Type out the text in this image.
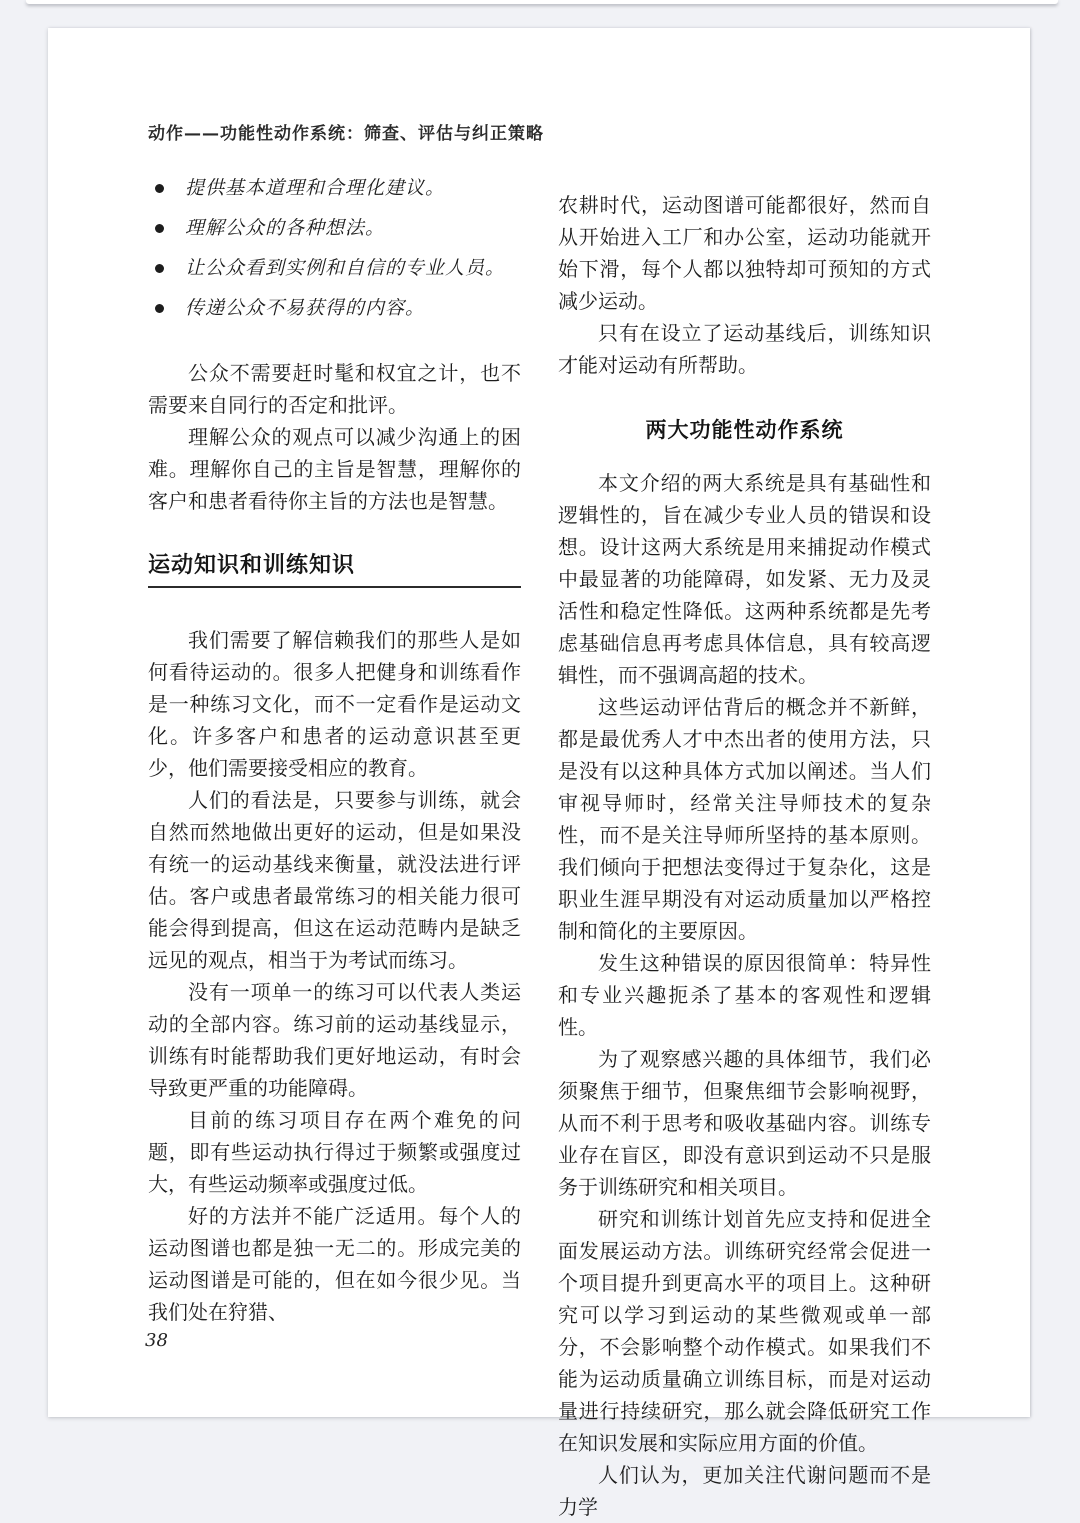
动作——功能性动作系统：筛查、评估与纠正策略
提供基本道理和合理化建议。
理解公众的各种想法。
让公众看到实例和自信的专业人员。
传递公众不易获得的内容。

公众不需要赶时髦和权宜之计，也不需要来自同行的否定和批评。

理解公众的观点可以减少沟通上的困难。理解你自己的主旨是智慧，理解你的客户和患者看待你主旨的方法也是智慧。

运动知识和训练知识

我们需要了解信赖我们的那些人是如何看待运动的。很多人把健身和训练看作是一种练习文化，而不一定看作是运动文化。许多客户和患者的运动意识甚至更少，他们需要接受相应的教育。

人们的看法是，只要参与训练，就会自然而然地做出更好的运动，但是如果没有统一的运动基线来衡量，就没法进行评估。客户或患者最常练习的相关能力很可能会得到提高，但这在运动范畴内是缺乏远见的观点，相当于为考试而练习。

没有一项单一的练习可以代表人类运动的全部内容。练习前的运动基线显示，训练有时能帮助我们更好地运动，有时会导致更严重的功能障碍。

目前的练习项目存在两个难免的问题，即有些运动执行得过于频繁或强度过大，有些运动频率或强度过低。

好的方法并不能广泛适用。每个人的运动图谱也都是独一无二的。形成完美的运动图谱是可能的，但在如今很少见。当我们处在狩猎、

农耕时代，运动图谱可能都很好，然而自从开始进入工厂和办公室，运动功能就开始下滑，每个人都以独特却可预知的方式减少运动。

只有在设立了运动基线后，训练知识才能对运动有所帮助。

两大功能性动作系统

本文介绍的两大系统是具有基础性和逻辑性的，旨在减少专业人员的错误和设想。设计这两大系统是用来捕捉动作模式中最显著的功能障碍，如发紧、无力及灵活性和稳定性降低。这两种系统都是先考虑基础信息再考虑具体信息，具有较高逻辑性，而不强调高超的技术。

这些运动评估背后的概念并不新鲜，都是最优秀人才中杰出者的使用方法，只是没有以这种具体方式加以阐述。当人们审视导师时，经常关注导师技术的复杂性，而不是关注导师所坚持的基本原则。我们倾向于把想法变得过于复杂化，这是职业生涯早期没有对运动质量加以严格控制和简化的主要原因。

发生这种错误的原因很简单：特异性和专业兴趣扼杀了基本的客观性和逻辑性。

为了观察感兴趣的具体细节，我们必须聚焦于细节，但聚焦细节会影响视野，从而不利于思考和吸收基础内容。训练专业存在盲区，即没有意识到运动不只是服务于训练研究和相关项目。

研究和训练计划首先应支持和促进全面发展运动方法。训练研究经常会促进一个项目提升到更高水平的项目上。这种研究可以学习到运动的某些微观或单一部分，不会影响整个动作模式。如果我们不能为运动质量确立训练目标，而是对运动量进行持续研究，那么就会降低研究工作在知识发展和实际应用方面的价值。

人们认为，更加关注代谢问题而不是力学

38
